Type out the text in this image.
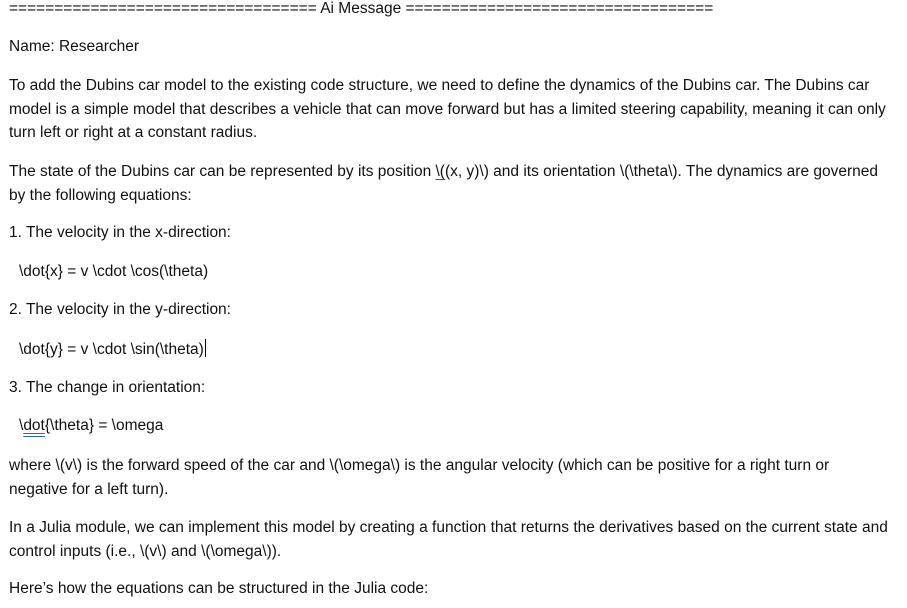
================================== Ai Message ==================================
Name: Researcher
To add the Dubins car model to the existing code structure, we need to define the dynamics of the Dubins car. The Dubins car model is a simple model that describes a vehicle that can move forward but has a limited steering capability, meaning it can only turn left or right at a constant radius.
The state of the Dubins car can be represented by its position \((x, y)\) and its orientation \(\theta\). The dynamics are governed by the following equations:
1. The velocity in the x-direction:
\dot{x} = v \cdot \cos(\theta)
2. The velocity in the y-direction:
\dot{y} = v \cdot \sin(\theta)
3. The change in orientation:
\dot{\theta} = \omega
where \(v\) is the forward speed of the car and \(\omega\) is the angular velocity (which can be positive for a right turn or negative for a left turn).
In a Julia module, we can implement this model by creating a function that returns the derivatives based on the current state and control inputs (i.e., \(v\) and \(\omega\)).
Here’s how the equations can be structured in the Julia code:
